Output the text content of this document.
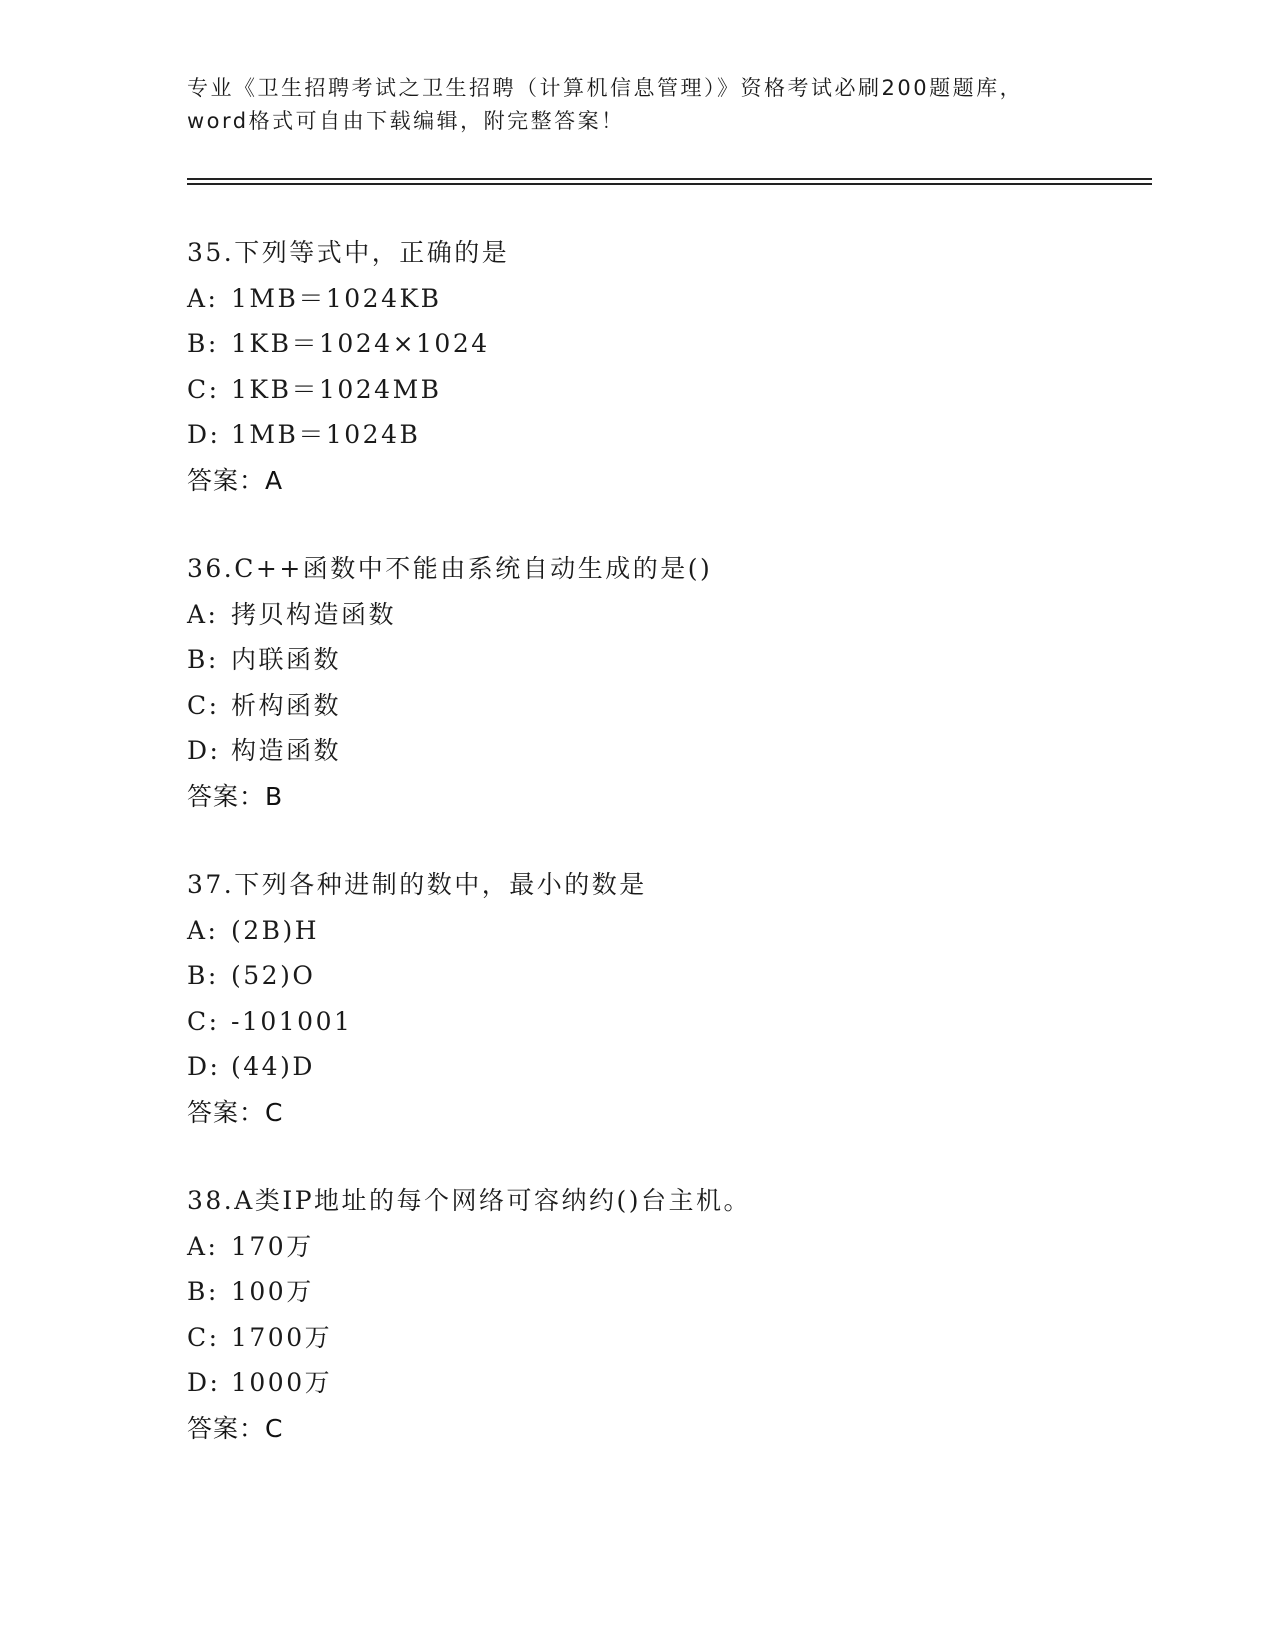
专业《卫生招聘考试之卫生招聘（计算机信息管理）》资格考试必刷200题题库，
word格式可自由下载编辑，附完整答案！
35.下列等式中，正确的是
A: 1MB＝1024KB
B: 1KB＝1024×1024
C: 1KB＝1024MB
D: 1MB＝1024B
答案：A
36.C++函数中不能由系统自动生成的是()
A: 拷贝构造函数
B: 内联函数
C: 析构函数
D: 构造函数
答案：B
37.下列各种进制的数中，最小的数是
A: (2B)H
B: (52)O
C: -101001
D: (44)D
答案：C
38.A类IP地址的每个网络可容纳约()台主机。
A: 170万
B: 100万
C: 1700万
D: 1000万
答案：C
